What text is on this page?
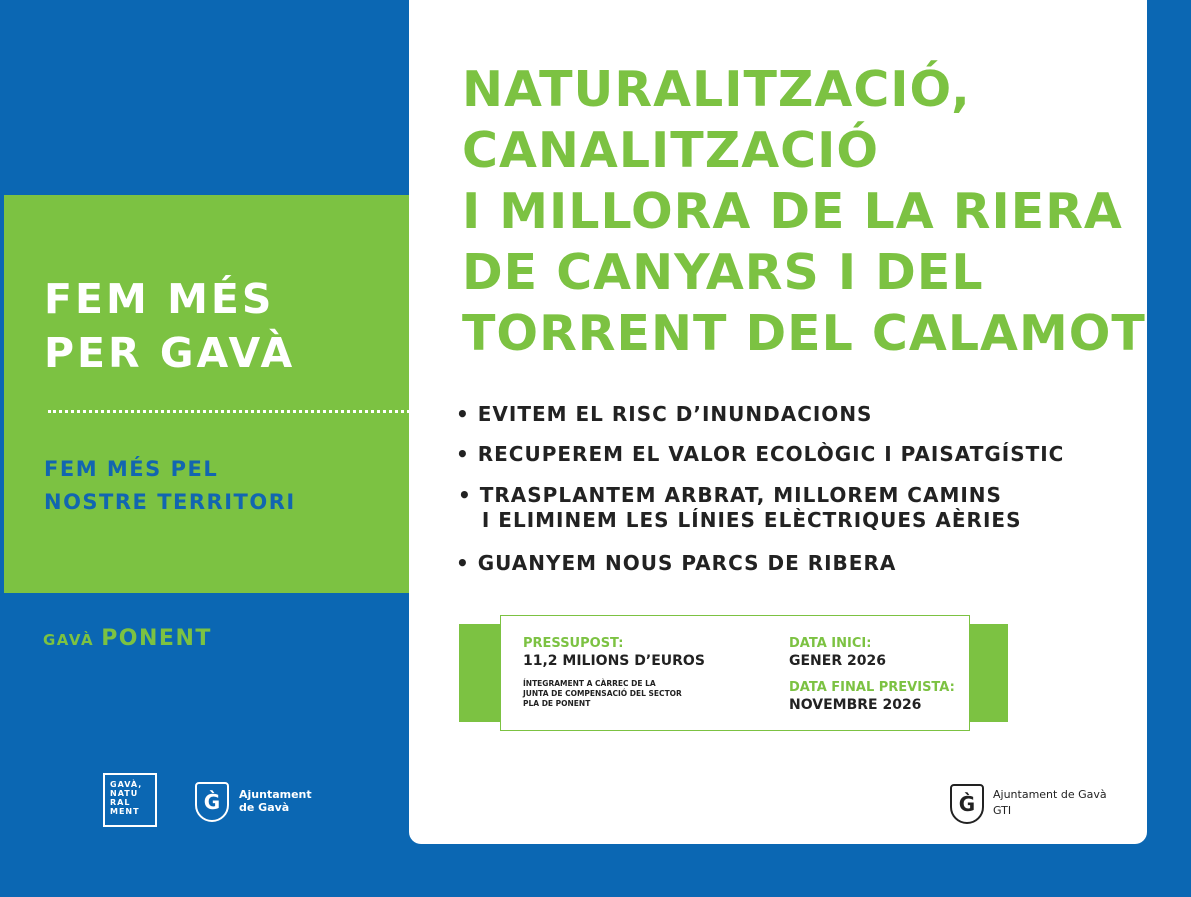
FEM MÉS
PER GAVÀ
FEM MÉS PEL
NOSTRE TERRITORI
GAVÀ PONENT
GAVÀ,
NATU
RAL
MENT	G̀	Ajuntament
de Gavà
NATURALITZACIÓ,
CANALITZACIÓ
I MILLORA DE LA RIERA
DE CANYARS I DEL
TORRENT DEL CALAMOT
• EVITEM EL RISC D’INUNDACIONS
• RECUPEREM EL VALOR ECOLÒGIC I PAISATGÍSTIC
• TRASPLANTEM ARBRAT, MILLOREM CAMINS
I ELIMINEM LES LÍNIES ELÈCTRIQUES AÈRIES
• GUANYEM NOUS PARCS DE RIBERA
PRESSUPOST:
11,2 MILIONS D’EUROS
ÍNTEGRAMENT A CÀRREC DE LA
JUNTA DE COMPENSACIÓ DEL SECTOR
PLA DE PONENT
DATA INICI:
GENER 2026
DATA FINAL PREVISTA:
NOVEMBRE 2026
G̀	Ajuntament de Gavà
GTI
